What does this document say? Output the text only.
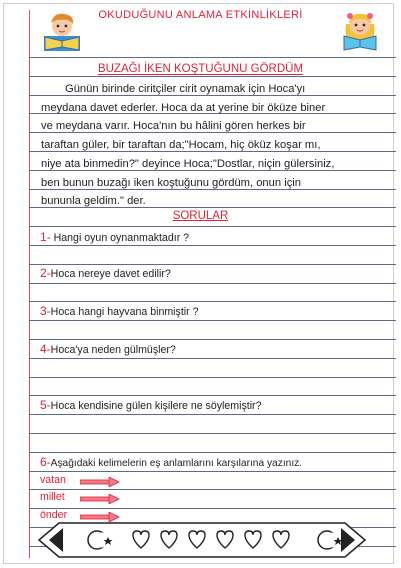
OKUDUĞUNU ANLAMA ETKİNLİKLERİ
BUZAĞI İKEN KOŞTUĞUNU GÖRDÜM
Günün birinde ciritçiler cirit oynamak için Hoca'yı
meydana davet ederler. Hoca da at yerine bir öküze biner
ve meydana varır. Hoca'nın bu hâlini gören herkes bir
taraftan güler, bir taraftan da;"Hocam, hiç öküz koşar mı,
niye ata binmedin?" deyince Hoca;"Dostlar, niçin gülersiniz,
ben bunun buzağı iken koştuğunu gördüm, onun için
bununla geldim." der.
SORULAR
1- Hangi oyun oynanmaktadır ?
2-Hoca nereye davet edilir?
3-Hoca hangi hayvana binmiştir ?
4-Hoca'ya neden gülmüşler?
5-Hoca kendisine gülen kişilere ne söylemiştir?
6-Aşağıdaki kelimelerin eş anlamlarını karşılarına yazınız.
vatan
millet
önder
